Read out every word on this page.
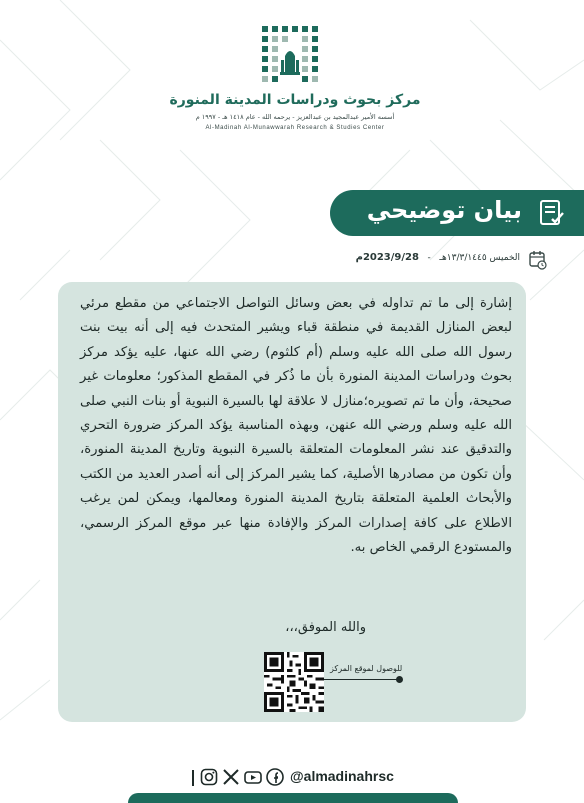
مركز بحوث ودراسات المدينة المنورة
أسسه الأمير عبدالمجيد بن عبدالعزيز - يرحمه الله - عام ١٤١٨ هـ - ١٩٩٧ م
Al-Madinah Al-Munawwarah Research & Studies Center
بيان توضيحي
الخميس ١٣/٣/١٤٤٥هـ   -   2023/9/28م
إشارة إلى ما تم تداوله في بعض وسائل التواصل الاجتماعي من مقطع مرئي لبعض المنازل القديمة في منطقة قباء ويشير المتحدث فيه إلى أنه بيت بنت رسول الله صلى الله عليه وسلم (أم كلثوم) رضي الله عنها، عليه يؤكد مركز بحوث ودراسات المدينة المنورة بأن ما ذُكر في المقطع المذكور؛ معلومات غير صحيحة، وأن ما تم تصويره؛منازل لا علاقة لها بالسيرة النبوية أو بنات النبي صلى الله عليه وسلم ورضي الله عنهن، وبهذه المناسبة يؤكد المركز ضرورة التحري والتدقيق عند نشر المعلومات المتعلقة بالسيرة النبوية وتاريخ المدينة المنورة، وأن تكون من مصادرها الأصلية، كما يشير المركز إلى أنه أصدر العديد من الكتب والأبحاث العلمية المتعلقة بتاريخ المدينة المنورة ومعالمها، ويمكن لمن يرغب الاطلاع على كافة إصدارات المركز والإفادة منها عبر موقع المركز الرسمي، والمستودع الرقمي الخاص به.
والله الموفق،،،
للوصول لموقع المركز
@almadinahrsc
